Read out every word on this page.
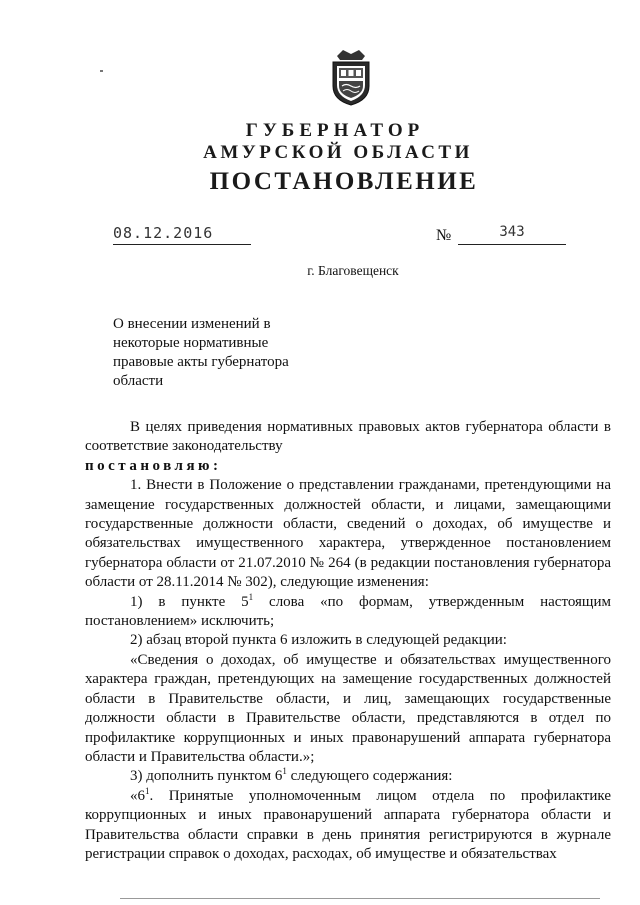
ГУБЕРНАТОР
АМУРСКОЙ ОБЛАСТИ
ПОСТАНОВЛЕНИЕ
08.12.2016	№	343
г. Благовещенск
О внесении изменений в
некоторые нормативные
правовые акты губернатора
области

В целях приведения нормативных правовых актов губернатора области в соответствие законодательству

постановляю:

1. Внести в Положение о представлении гражданами, претендующими на замещение государственных должностей области, и лицами, замещающими государственные должности области, сведений о доходах, об имуществе и обязательствах имущественного характера, утвержденное постановлением губернатора области от 21.07.2010 № 264 (в редакции постановления губернатора области от 28.11.2014 № 302), следующие изменения:

1) в пункте $5^1$ слова «по формам, утвержденным настоящим постановлением» исключить;

2) абзац второй пункта 6 изложить в следующей редакции:

«Сведения о доходах, об имуществе и обязательствах имущественного характера граждан, претендующих на замещение государственных должностей области в Правительстве области, и лиц, замещающих государственные должности области в Правительстве области, представляются в отдел по профилактике коррупционных и иных правонарушений аппарата губернатора области и Правительства области.»;

3) дополнить пунктом $6^1$ следующего содержания:

«$6^1$. Принятые уполномоченным лицом отдела по профилактике коррупционных и иных правонарушений аппарата губернатора области и Правительства области справки в день принятия регистрируются в журнале регистрации справок о доходах, расходах, об имуществе и обязательствах
